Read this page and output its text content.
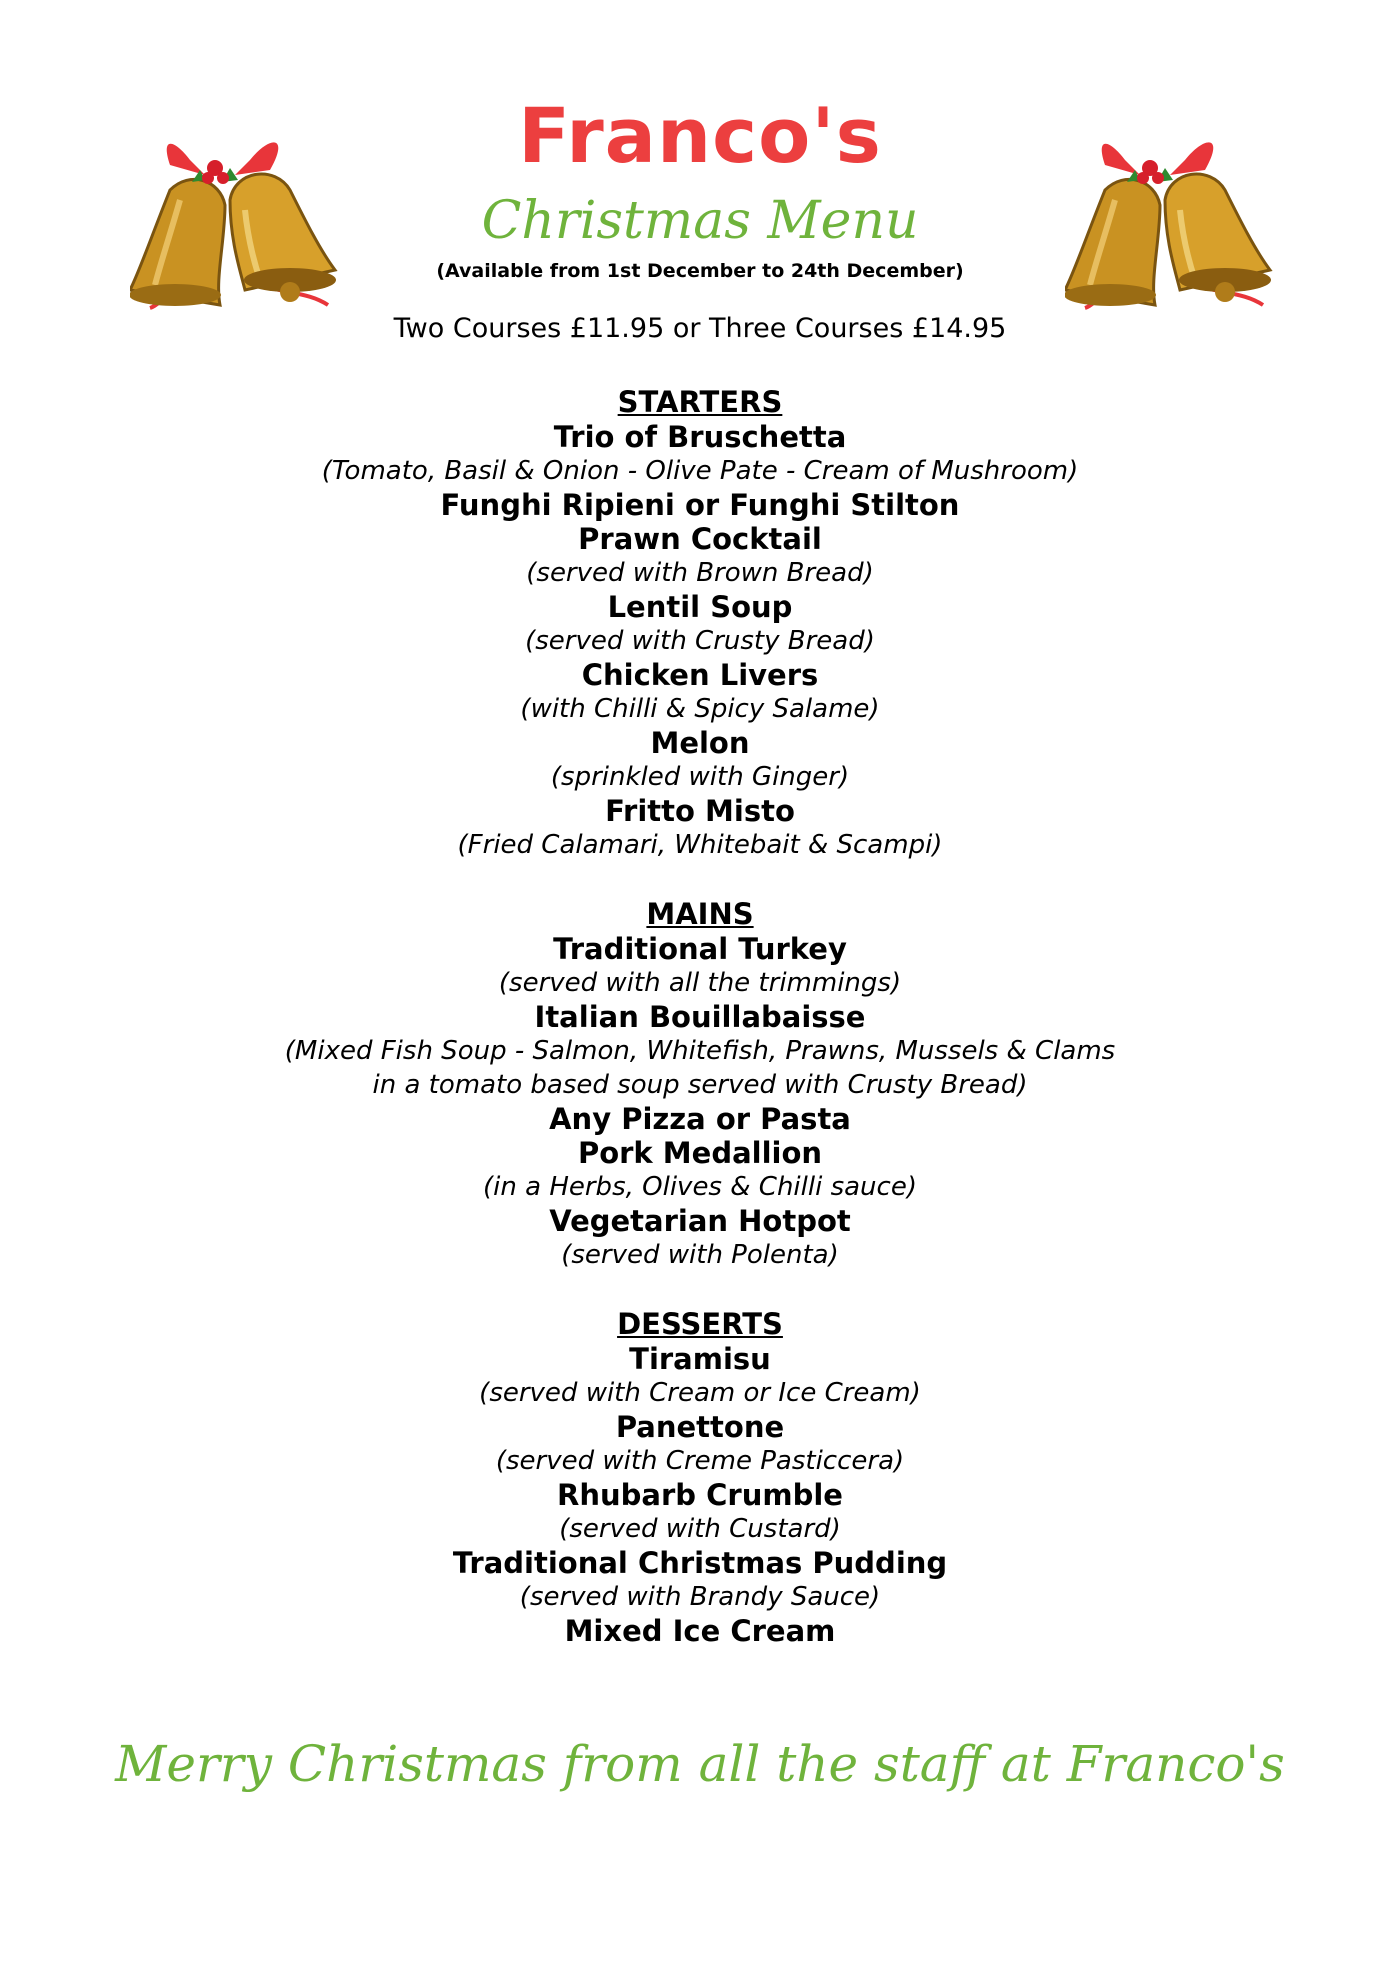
Franco's
Christmas Menu
(Available from 1st December to 24th December)
Two Courses £11.95 or Three Courses £14.95
STARTERS
Trio of Bruschetta
(Tomato, Basil & Onion - Olive Pate - Cream of Mushroom)
Funghi Ripieni or Funghi Stilton
Prawn Cocktail
(served with Brown Bread)
Lentil Soup
(served with Crusty Bread)
Chicken Livers
(with Chilli & Spicy Salame)
Melon
(sprinkled with Ginger)
Fritto Misto
(Fried Calamari, Whitebait & Scampi)
MAINS
Traditional Turkey
(served with all the trimmings)
Italian Bouillabaisse
(Mixed Fish Soup - Salmon, Whitefish, Prawns, Mussels & Clams
in a tomato based soup served with Crusty Bread)
Any Pizza or Pasta
Pork Medallion
(in a Herbs, Olives & Chilli sauce)
Vegetarian Hotpot
(served with Polenta)
DESSERTS
Tiramisu
(served with Cream or Ice Cream)
Panettone
(served with Creme Pasticcera)
Rhubarb Crumble
(served with Custard)
Traditional Christmas Pudding
(served with Brandy Sauce)
Mixed Ice Cream
Merry Christmas from all the staff at Franco's
